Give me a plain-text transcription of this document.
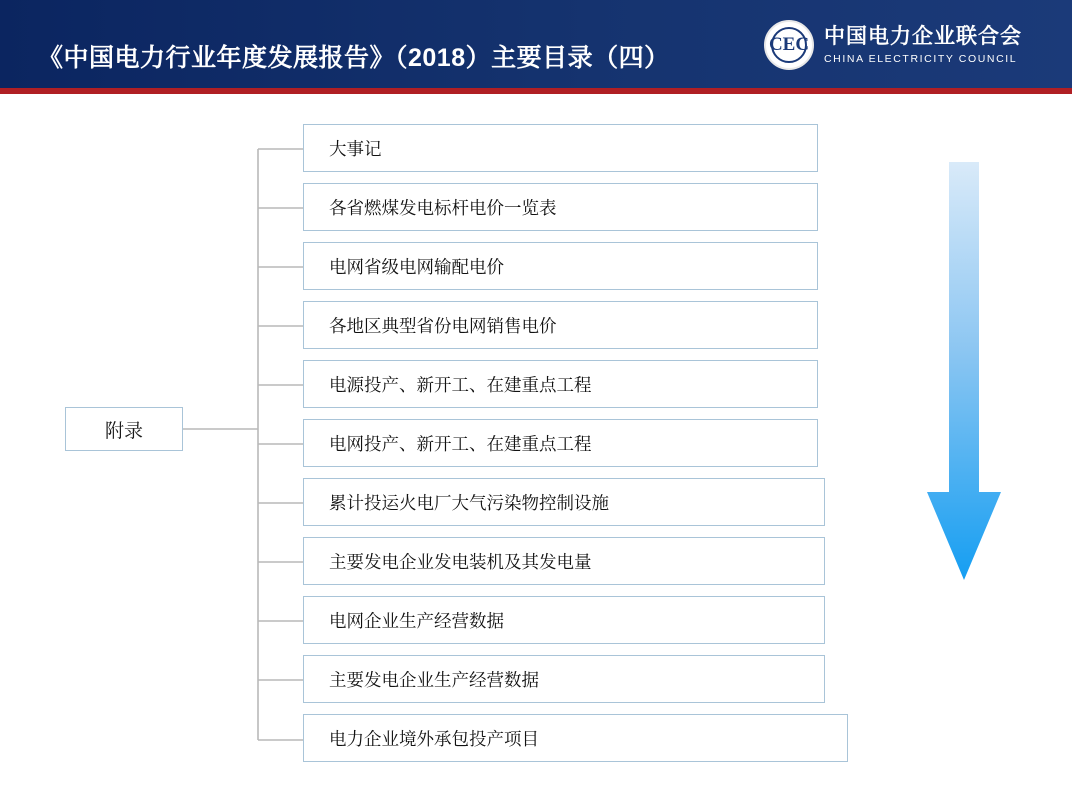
《中国电力行业年度发展报告》（2018）主要目录（四）	CEC 中国电力企业联合会
CHINA ELECTRICITY COUNCIL
附录
大事记
各省燃煤发电标杆电价一览表
电网省级电网输配电价
各地区典型省份电网销售电价
电源投产、新开工、在建重点工程
电网投产、新开工、在建重点工程
累计投运火电厂大气污染物控制设施
主要发电企业发电装机及其发电量
电网企业生产经营数据
主要发电企业生产经营数据
电力企业境外承包投产项目
